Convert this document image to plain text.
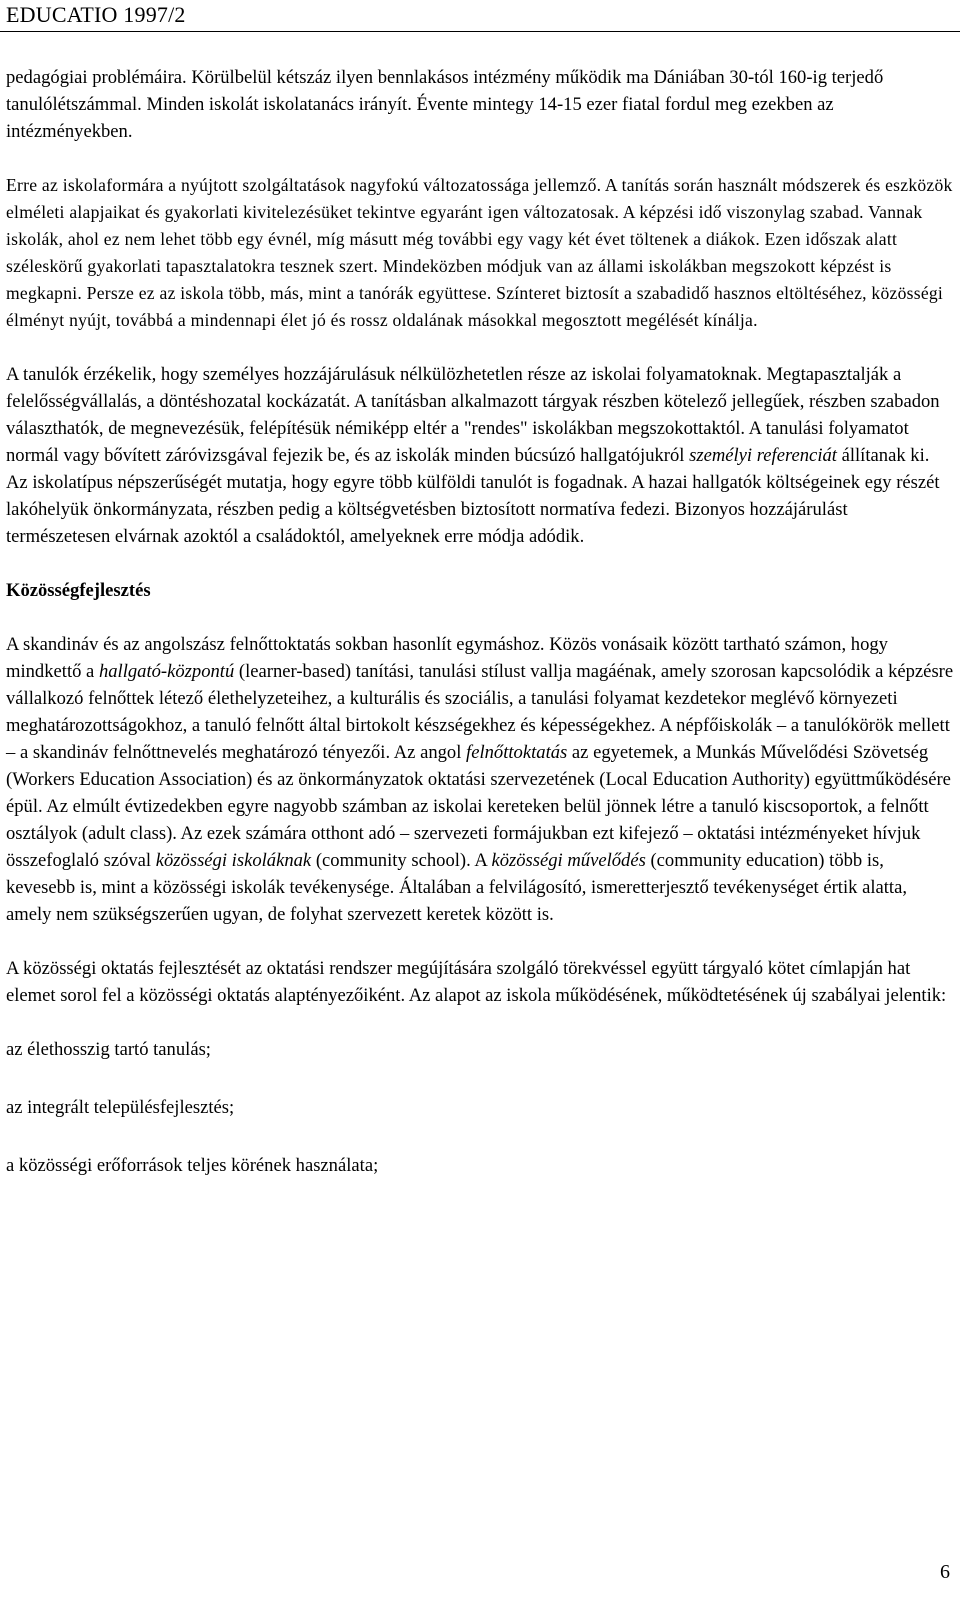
EDUCATIO 1997/2

pedagógiai problémáira. Körülbelül kétszáz ilyen bennlakásos intézmény működik ma Dániában 30-tól 160-ig terjedő tanulólétszámmal. Minden iskolát iskolatanács irányít. Évente mintegy 14-15 ezer fiatal fordul meg ezekben az intézményekben.

Erre az iskolaformára a nyújtott szolgáltatások nagyfokú változatossága jellemző. A tanítás során használt módszerek és eszközök elméleti alapjaikat és gyakorlati kivitelezésüket tekintve egyaránt igen változatosak. A képzési idő viszonylag szabad. Vannak iskolák, ahol ez nem lehet több egy évnél, míg másutt még további egy vagy két évet töltenek a diákok. Ezen időszak alatt széleskörű gyakorlati tapasztalatokra tesznek szert. Mindeközben módjuk van az állami iskolákban megszokott képzést is megkapni. Persze ez az iskola több, más, mint a tanórák együttese. Színteret biztosít a szabadidő hasznos eltöltéséhez, közösségi élményt nyújt, továbbá a mindennapi élet jó és rossz oldalának másokkal megosztott megélését kínálja.

A tanulók érzékelik, hogy személyes hozzájárulásuk nélkülözhetetlen része az iskolai folyamatoknak. Megtapasztalják a felelősségvállalás, a döntéshozatal kockázatát. A tanításban alkalmazott tárgyak részben kötelező jellegűek, részben szabadon választhatók, de megnevezésük, felépítésük némiképp eltér a "rendes" iskolákban megszokottaktól. A tanulási folyamatot normál vagy bővített záróvizsgával fejezik be, és az iskolák minden búcsúzó hallgatójukról személyi referenciát állítanak ki. Az iskolatípus népszerűségét mutatja, hogy egyre több külföldi tanulót is fogadnak. A hazai hallgatók költségeinek egy részét lakóhelyük önkormányzata, részben pedig a költségvetésben biztosított normatíva fedezi. Bizonyos hozzájárulást természetesen elvárnak azoktól a családoktól, amelyeknek erre módja adódik.

Közösségfejlesztés

A skandináv és az angolszász felnőttoktatás sokban hasonlít egymáshoz. Közös vonásaik között tartható számon, hogy mindkettő a hallgató-központú (learner-based) tanítási, tanulási stílust vallja magáénak, amely szorosan kapcsolódik a képzésre vállalkozó felnőttek létező élethelyzeteihez, a kulturális és szociális, a tanulási folyamat kezdetekor meglévő környezeti meghatározottságokhoz, a tanuló felnőtt által birtokolt készségekhez és képességekhez. A népfőiskolák – a tanulókörök mellett – a skandináv felnőttnevelés meghatározó tényezői. Az angol felnőttoktatás az egyetemek, a Munkás Művelődési Szövetség (Workers Education Association) és az önkormányzatok oktatási szervezetének (Local Education Authority) együttműködésére épül. Az elmúlt évtizedekben egyre nagyobb számban az iskolai kereteken belül jönnek létre a tanuló kiscsoportok, a felnőtt osztályok (adult class). Az ezek számára otthont adó – szervezeti formájukban ezt kifejező – oktatási intézményeket hívjuk összefoglaló szóval közösségi iskoláknak (community school). A közösségi művelődés (community education) több is, kevesebb is, mint a közösségi iskolák tevékenysége. Általában a felvilágosító, ismeretterjesztő tevékenységet értik alatta, amely nem szükségszerűen ugyan, de folyhat szervezett keretek között is.

A közösségi oktatás fejlesztését az oktatási rendszer megújítására szolgáló törekvéssel együtt tárgyaló kötet címlapján hat elemet sorol fel a közösségi oktatás alaptényezőiként. Az alapot az iskola működésének, működtetésének új szabályai jelentik:

az élethosszig tartó tanulás;

az integrált településfejlesztés;

a közösségi erőforrások teljes körének használata;

6
